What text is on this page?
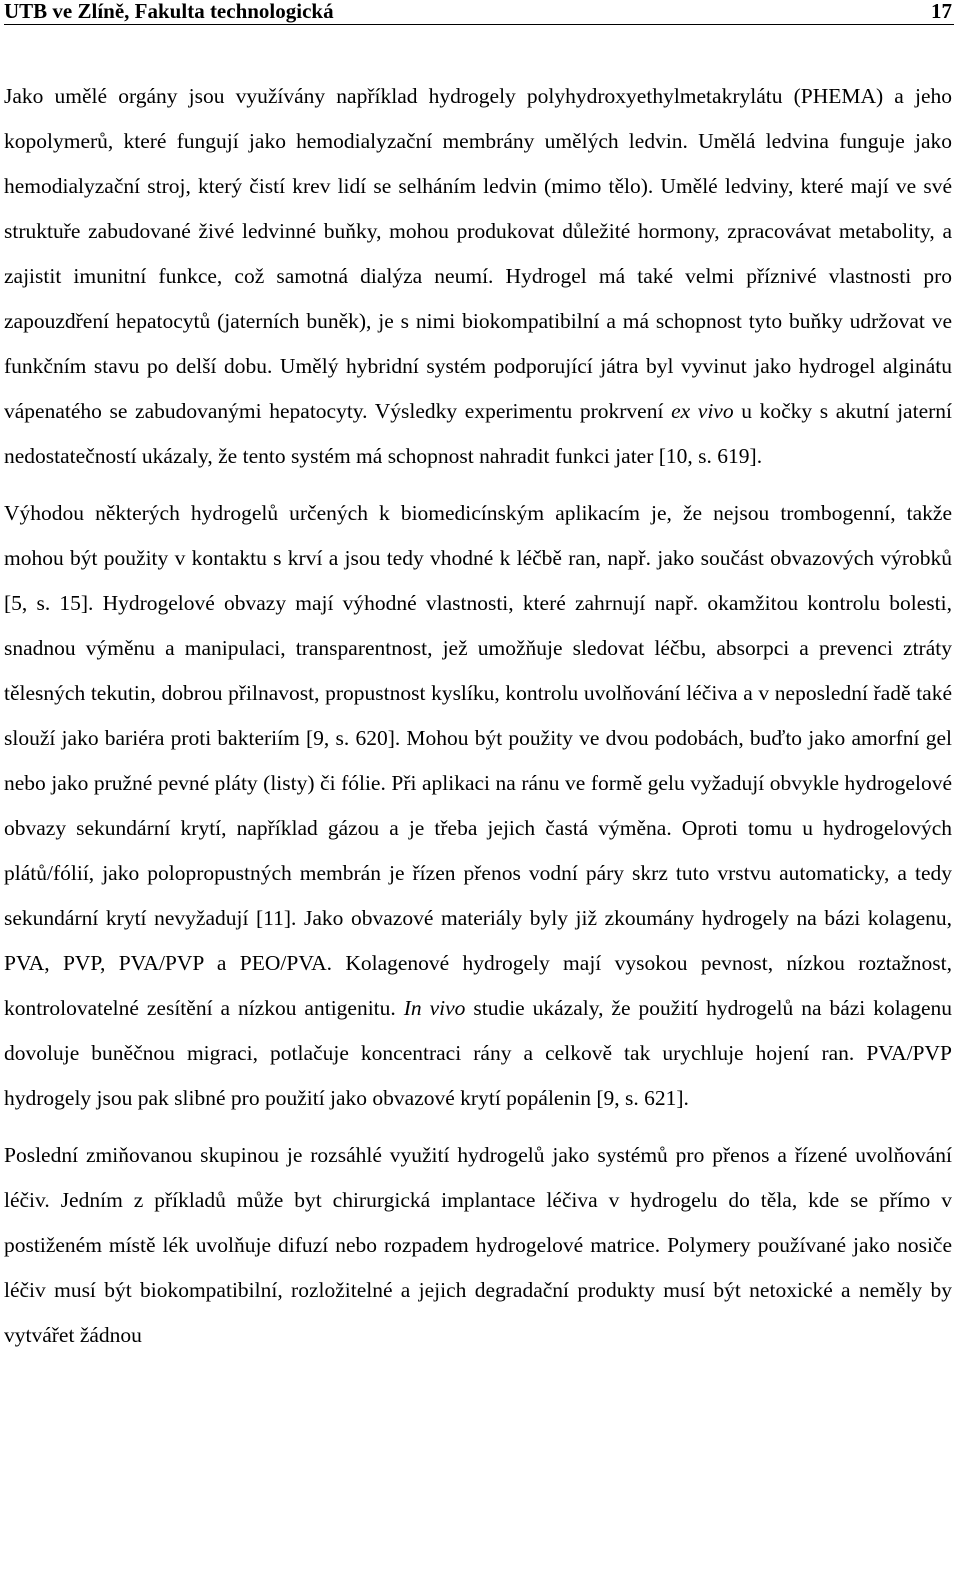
UTB ve Zlíně, Fakulta technologická	17

Jako umělé orgány jsou využívány například hydrogely polyhydroxyethylmetakrylátu (PHEMA) a jeho kopolymerů, které fungují jako hemodialyzační membrány umělých ledvin. Umělá ledvina funguje jako hemodialyzační stroj, který čistí krev lidí se selháním ledvin (mimo tělo). Umělé ledviny, které mají ve své struktuře zabudované živé ledvinné buňky, mohou produkovat důležité hormony, zpracovávat metabolity, a zajistit imunitní funkce, což samotná dialýza neumí. Hydrogel má také velmi příznivé vlastnosti pro zapouzdření hepatocytů (jaterních buněk), je s nimi biokompatibilní a má schopnost tyto buňky udržovat ve funkčním stavu po delší dobu. Umělý hybridní systém podporující játra byl vyvinut jako hydrogel alginátu vápenatého se zabudovanými hepatocyty. Výsledky experimentu prokrvení ex vivo u kočky s akutní jaterní nedostatečností ukázaly, že tento systém má schopnost nahradit funkci jater [10, s. 619].

Výhodou některých hydrogelů určených k biomedicínským aplikacím je, že nejsou trombogenní, takže mohou být použity v kontaktu s krví a jsou tedy vhodné k léčbě ran, např. jako součást obvazových výrobků [5, s. 15]. Hydrogelové obvazy mají výhodné vlastnosti, které zahrnují např. okamžitou kontrolu bolesti, snadnou výměnu a manipulaci, transparentnost, jež umožňuje sledovat léčbu, absorpci a prevenci ztráty tělesných tekutin, dobrou přilnavost, propustnost kyslíku, kontrolu uvolňování léčiva a v neposlední řadě také slouží jako bariéra proti bakteriím [9, s. 620]. Mohou být použity ve dvou podobách, buďto jako amorfní gel nebo jako pružné pevné pláty (listy) či fólie. Při aplikaci na ránu ve formě gelu vyžadují obvykle hydrogelové obvazy sekundární krytí, například gázou a je třeba jejich častá výměna. Oproti tomu u hydrogelových plátů/fólií, jako polopropustných membrán je řízen přenos vodní páry skrz tuto vrstvu automaticky, a tedy sekundární krytí nevyžadují [11]. Jako obvazové materiály byly již zkoumány hydrogely na bázi kolagenu, PVA, PVP, PVA/PVP a PEO/PVA. Kolagenové hydrogely mají vysokou pevnost, nízkou roztažnost, kontrolovatelné zesítění a nízkou antigenitu. In vivo studie ukázaly, že použití hydrogelů na bázi kolagenu dovoluje buněčnou migraci, potlačuje koncentraci rány a celkově tak urychluje hojení ran. PVA/PVP hydrogely jsou pak slibné pro použití jako obvazové krytí popálenin [9, s. 621].

Poslední zmiňovanou skupinou je rozsáhlé využití hydrogelů jako systémů pro přenos a řízené uvolňování léčiv. Jedním z příkladů může byt chirurgická implantace léčiva v hydrogelu do těla, kde se přímo v postiženém místě lék uvolňuje difuzí nebo rozpadem hydrogelové matrice. Polymery používané jako nosiče léčiv musí být biokompatibilní, rozložitelné a jejich degradační produkty musí být netoxické a neměly by vytvářet žádnou
